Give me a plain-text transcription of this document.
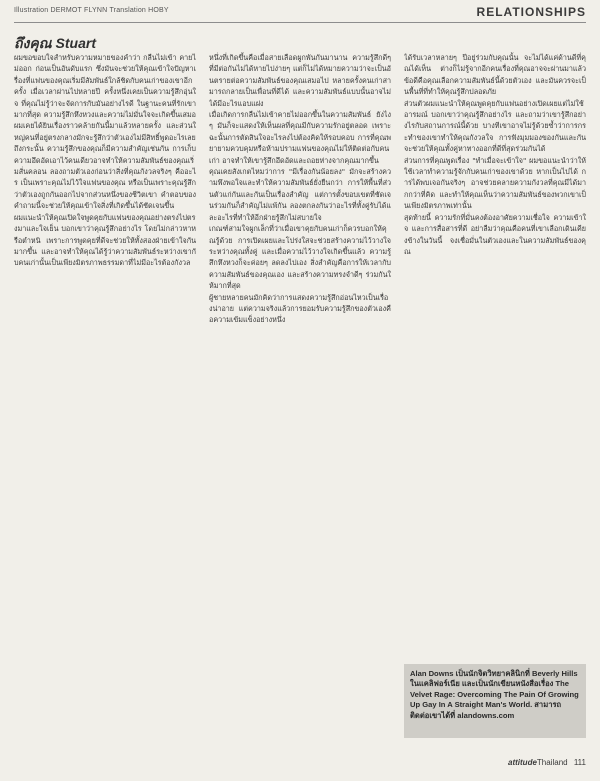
Illustration DERMOT FLYNN Translation HOBY	RELATIONSHIPS
ถึงคุณ Stuart

ผมขอขอบใจสำหรับความหมายของคำว่า กลืนไม่เข้า คายไม่ออก ก่อนเป็นอันดับแรก ซึ่งมันจะช่วยให้คุณเข้าใจปัญหาเรื่องที่แฟนของคุณเริ่มมีสัมพันธ์ใกล้ชิดกับคนเก่าของเขาอีกครั้ง เมื่อเวลาผ่านไปหลายปี ครั้งหนึ่งเคยเป็นความรู้สึกอุ่นใจ ที่คุณไม่รู้ว่าจะจัดการกับมันอย่างไรดี ในฐานะคนที่รักเขามากที่สุด ความรู้สึกหึงหวงและความไม่มั่นใจจะเกิดขึ้นเสมอ ผมเคยได้ยินเรื่องราวคล้ายกันนี้มาแล้วหลายครั้ง และส่วนใหญ่คนที่อยู่ตรงกลางมักจะรู้สึกว่าตัวเองไม่มีสิทธิ์พูดอะไรเลย

ถึงกระนั้น ความรู้สึกของคุณก็มีความสำคัญเช่นกัน การเก็บความอึดอัดเอาไว้คนเดียวอาจทำให้ความสัมพันธ์ของคุณเริ่มสั่นคลอน ลองถามตัวเองก่อนว่าสิ่งที่คุณกังวลจริงๆ คืออะไร เป็นเพราะคุณไม่ไว้ใจแฟนของคุณ หรือเป็นเพราะคุณรู้สึกว่าตัวเองถูกกันออกไปจากส่วนหนึ่งของชีวิตเขา คำตอบของคำถามนี้จะช่วยให้คุณเข้าใจสิ่งที่เกิดขึ้นได้ชัดเจนขึ้น

ผมแนะนำให้คุณเปิดใจพูดคุยกับแฟนของคุณอย่างตรงไปตรงมาและใจเย็น บอกเขาว่าคุณรู้สึกอย่างไร โดยไม่กล่าวหาหรือตำหนิ เพราะการพูดคุยที่ดีจะช่วยให้ทั้งสองฝ่ายเข้าใจกันมากขึ้น และอาจทำให้คุณได้รู้ว่าความสัมพันธ์ระหว่างเขากับคนเก่านั้นเป็นเพียงมิตรภาพธรรมดาที่ไม่มีอะไรต้องกังวล

หนึ่งที่เกิดขึ้นคือเมื่อสายเลือดผูกพันกันมานาน ความรู้สึกดีๆ ที่มีต่อกันไม่ได้หายไปง่ายๆ แต่ก็ไม่ได้หมายความว่าจะเป็นอันตรายต่อความสัมพันธ์ของคุณเสมอไป หลายครั้งคนเก่าสามารถกลายเป็นเพื่อนที่ดีได้ และความสัมพันธ์แบบนั้นอาจไม่ได้มีอะไรแอบแฝง

เมื่อเกิดการกลืนไม่เข้าคายไม่ออกขึ้นในความสัมพันธ์ ยังไงๆ มันก็จะแสดงให้เห็นผลที่คุณมีกับความรักอยู่ตลอด เพราะฉะนั้นการตัดสินใจอะไรลงไปต้องคิดให้รอบคอบ การที่คุณพยายามควบคุมหรือห้ามปรามแฟนของคุณไม่ให้ติดต่อกับคนเก่า อาจทำให้เขารู้สึกอึดอัดและถอยห่างจากคุณมากขึ้น

คุณเคยสังเกตไหมว่าการ "มีเรื่องกันน้อยลง" มักจะสร้างความพึงพอใจและทำให้ความสัมพันธ์ยั่งยืนกว่า การให้พื้นที่ส่วนตัวแก่กันและกันเป็นเรื่องสำคัญ แต่การตั้งขอบเขตที่ชัดเจนร่วมกันก็สำคัญไม่แพ้กัน ลองตกลงกันว่าอะไรที่ทั้งคู่รับได้และอะไรที่ทำให้อีกฝ่ายรู้สึกไม่สบายใจ

เกณฑ์สามใจผูกเล็กที่ว่าเมื่อเขาคุยกับคนเก่าก็ควรบอกให้คุณรู้ด้วย การเปิดเผยและโปร่งใสจะช่วยสร้างความไว้วางใจระหว่างคุณทั้งคู่ และเมื่อความไว้วางใจเกิดขึ้นแล้ว ความรู้สึกหึงหวงก็จะค่อยๆ ลดลงไปเอง สิ่งสำคัญคือการให้เวลากับความสัมพันธ์ของคุณเอง และสร้างความทรงจำดีๆ ร่วมกันให้มากที่สุด

ผู้ชายหลายคนมักคิดว่าการแสดงความรู้สึกอ่อนไหวเป็นเรื่องน่าอาย แต่ความจริงแล้วการยอมรับความรู้สึกของตัวเองคือความเข้มแข็งอย่างหนึ่ง

ได้รับเวลาหลายๆ ปีอยู่ร่วมกับคุณนั้น จะไม่ได้แค่ด้านดีที่คุณได้เห็น ต่างก็ไม่รู้จากอีกคนเรื่องที่คุณอาจจะผ่านมาแล้ว ข้อดีคือคุณเลือกความสัมพันธ์นี้ด้วยตัวเอง และมันควรจะเป็นพื้นที่ที่ทำให้คุณรู้สึกปลอดภัย

ส่วนตัวผมแนะนำให้คุณพูดคุยกับแฟนอย่างเปิดเผยแต่ไม่ใช้อารมณ์ บอกเขาว่าคุณรู้สึกอย่างไร และถามว่าเขารู้สึกอย่างไรกับสถานการณ์นี้ด้วย บางทีเขาอาจไม่รู้ด้วยซ้ำว่าการกระทำของเขาทำให้คุณกังวลใจ การฟังมุมมองของกันและกันจะช่วยให้คุณทั้งคู่หาทางออกที่ดีที่สุดร่วมกันได้

ส่วนการที่คุณพูดเรื่อง "ทำเมื่อจะเข้าใจ" ผมขอแนะนำว่าให้ใช้เวลาทำความรู้จักกับคนเก่าของเขาด้วย หากเป็นไปได้ การได้พบเจอกันจริงๆ อาจช่วยคลายความกังวลที่คุณมีได้มากกว่าที่คิด และทำให้คุณเห็นว่าความสัมพันธ์ของพวกเขาเป็นเพียงมิตรภาพเท่านั้น

สุดท้ายนี้ ความรักที่มั่นคงต้องอาศัยความเชื่อใจ ความเข้าใจ และการสื่อสารที่ดี อย่าลืมว่าคุณคือคนที่เขาเลือกเดินเคียงข้างในวันนี้ จงเชื่อมั่นในตัวเองและในความสัมพันธ์ของคุณ

Alan Downs เป็นนักจิตวิทยาคลินิกที่ Beverly Hills ในแคลิฟอร์เนีย และเป็นนักเขียนหนังสือเรื่อง The Velvet Rage: Overcoming The Pain Of Growing Up Gay In A Straight Man's World. สามารถติดต่อเขาได้ที่ alandowns.com
attitudeThailand 111
